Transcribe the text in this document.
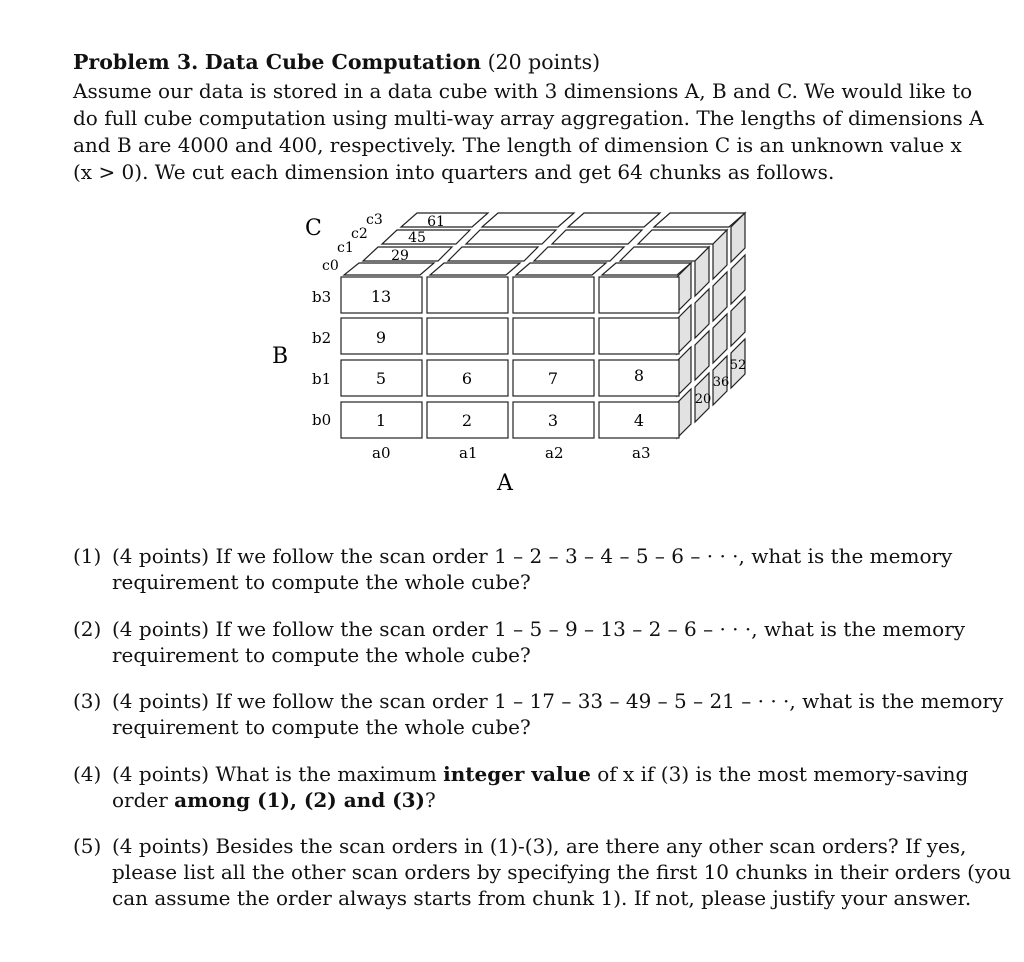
Problem 3. Data Cube Computation (20 points)
Assume our data is stored in a data cube with 3 dimensions A, B and C. We would like to
do full cube computation using multi-way array aggregation. The lengths of dimensions A
and B are 4000 and 400, respectively. The length of dimension C is an unknown value x
(x > 0). We cut each dimension into quarters and get 64 chunks as follows.
C
B
A
c3
c2
c1
c0
b3
b2
b1
b0
a0	a1	a2	a3
13
9
5	6	7	8
1	2	3	4
61
45
29
52
36
20
(1) (4 points) If we follow the scan order 1 – 2 – 3 – 4 – 5 – 6 – · · ·, what is the memory
requirement to compute the whole cube?
(2) (4 points) If we follow the scan order 1 – 5 – 9 – 13 – 2 – 6 – · · ·, what is the memory
requirement to compute the whole cube?
(3) (4 points) If we follow the scan order 1 – 17 – 33 – 49 – 5 – 21 – · · ·, what is the memory
requirement to compute the whole cube?
(4) (4 points) What is the maximum integer value of x if (3) is the most memory-saving
order among (1), (2) and (3)?
(5) (4 points) Besides the scan orders in (1)-(3), are there any other scan orders? If yes,
please list all the other scan orders by specifying the first 10 chunks in their orders (you
can assume the order always starts from chunk 1). If not, please justify your answer.
